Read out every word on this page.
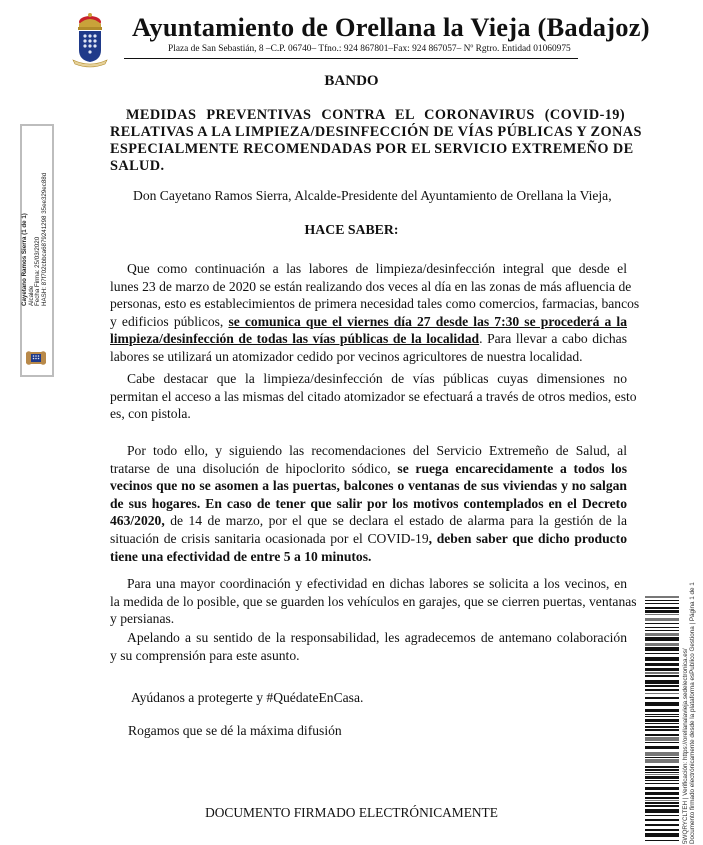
Ayuntamiento de Orellana la Vieja (Badajoz)
Plaza de San Sebastián, 8 –C.P. 06740– Tfno.: 924 867801–Fax: 924 867057– Nº Rgtro. Entidad 01060975
BANDO
MEDIDAS PREVENTIVAS CONTRA EL CORONAVIRUS (COVID-19)
RELATIVAS A LA LIMPIEZA/DESINFECCIÓN DE VÍAS PÚBLICAS Y ZONAS
ESPECIALMENTE RECOMENDADAS POR EL SERVICIO EXTREMEÑO DE
SALUD.
Don Cayetano Ramos Sierra, Alcalde-Presidente del Ayuntamiento de Orellana la Vieja,
HACE SABER:
Que como continuación a las labores de limpieza/desinfección integral que desde el
lunes 23 de marzo de 2020 se están realizando dos veces al día en las zonas de más afluencia de
personas, esto es establecimientos de primera necesidad tales como comercios, farmacias, bancos
y edificios públicos, se comunica que el viernes día 27 desde las 7:30 se procederá a la
limpieza/desinfección de todas las vías públicas de la localidad. Para llevar a cabo dichas
labores se utilizará un atomizador cedido por vecinos agricultores de nuestra localidad.
Cabe destacar que la limpieza/desinfección de vías públicas cuyas dimensiones no
permitan el acceso a las mismas del citado atomizador se efectuará a través de otros medios, esto
es, con pistola.
Por todo ello, y siguiendo las recomendaciones del Servicio Extremeño de Salud, al
tratarse de una disolución de hipoclorito sódico, se ruega encarecidamente a todos los
vecinos que no se asomen a las puertas, balcones o ventanas de sus viviendas y no salgan
de sus hogares. En caso de tener que salir por los motivos contemplados en el Decreto
463/2020, de 14 de marzo, por el que se declara el estado de alarma para la gestión de la
situación de crisis sanitaria ocasionada por el COVID-19, deben saber que dicho producto
tiene una efectividad de entre 5 a 10 minutos.
Para una mayor coordinación y efectividad en dichas labores se solicita a los vecinos, en
la medida de lo posible, que se guarden los vehículos en garajes, que se cierren puertas, ventanas
y persianas.
Apelando a su sentido de la responsabilidad, les agradecemos de antemano colaboración
y su comprensión para este asunto.
Ayúdanos a protegerte y #QuédateEnCasa.
Rogamos que se dé la máxima difusión
DOCUMENTO FIRMADO ELECTRÓNICAMENTE
Cayetano Ramos Sierra (1 de 1) Alcalde Fecha Firma: 25/03/2020 HASH: 87f702cbbca6879241298 35ee329ec88d
5WQRYCLTEH | Verificación: https://orellanalavieja.sedelectronica.es/ Documento firmado electrónicamente desde la plataforma esPublico Gestiona | Página 1 de 1
